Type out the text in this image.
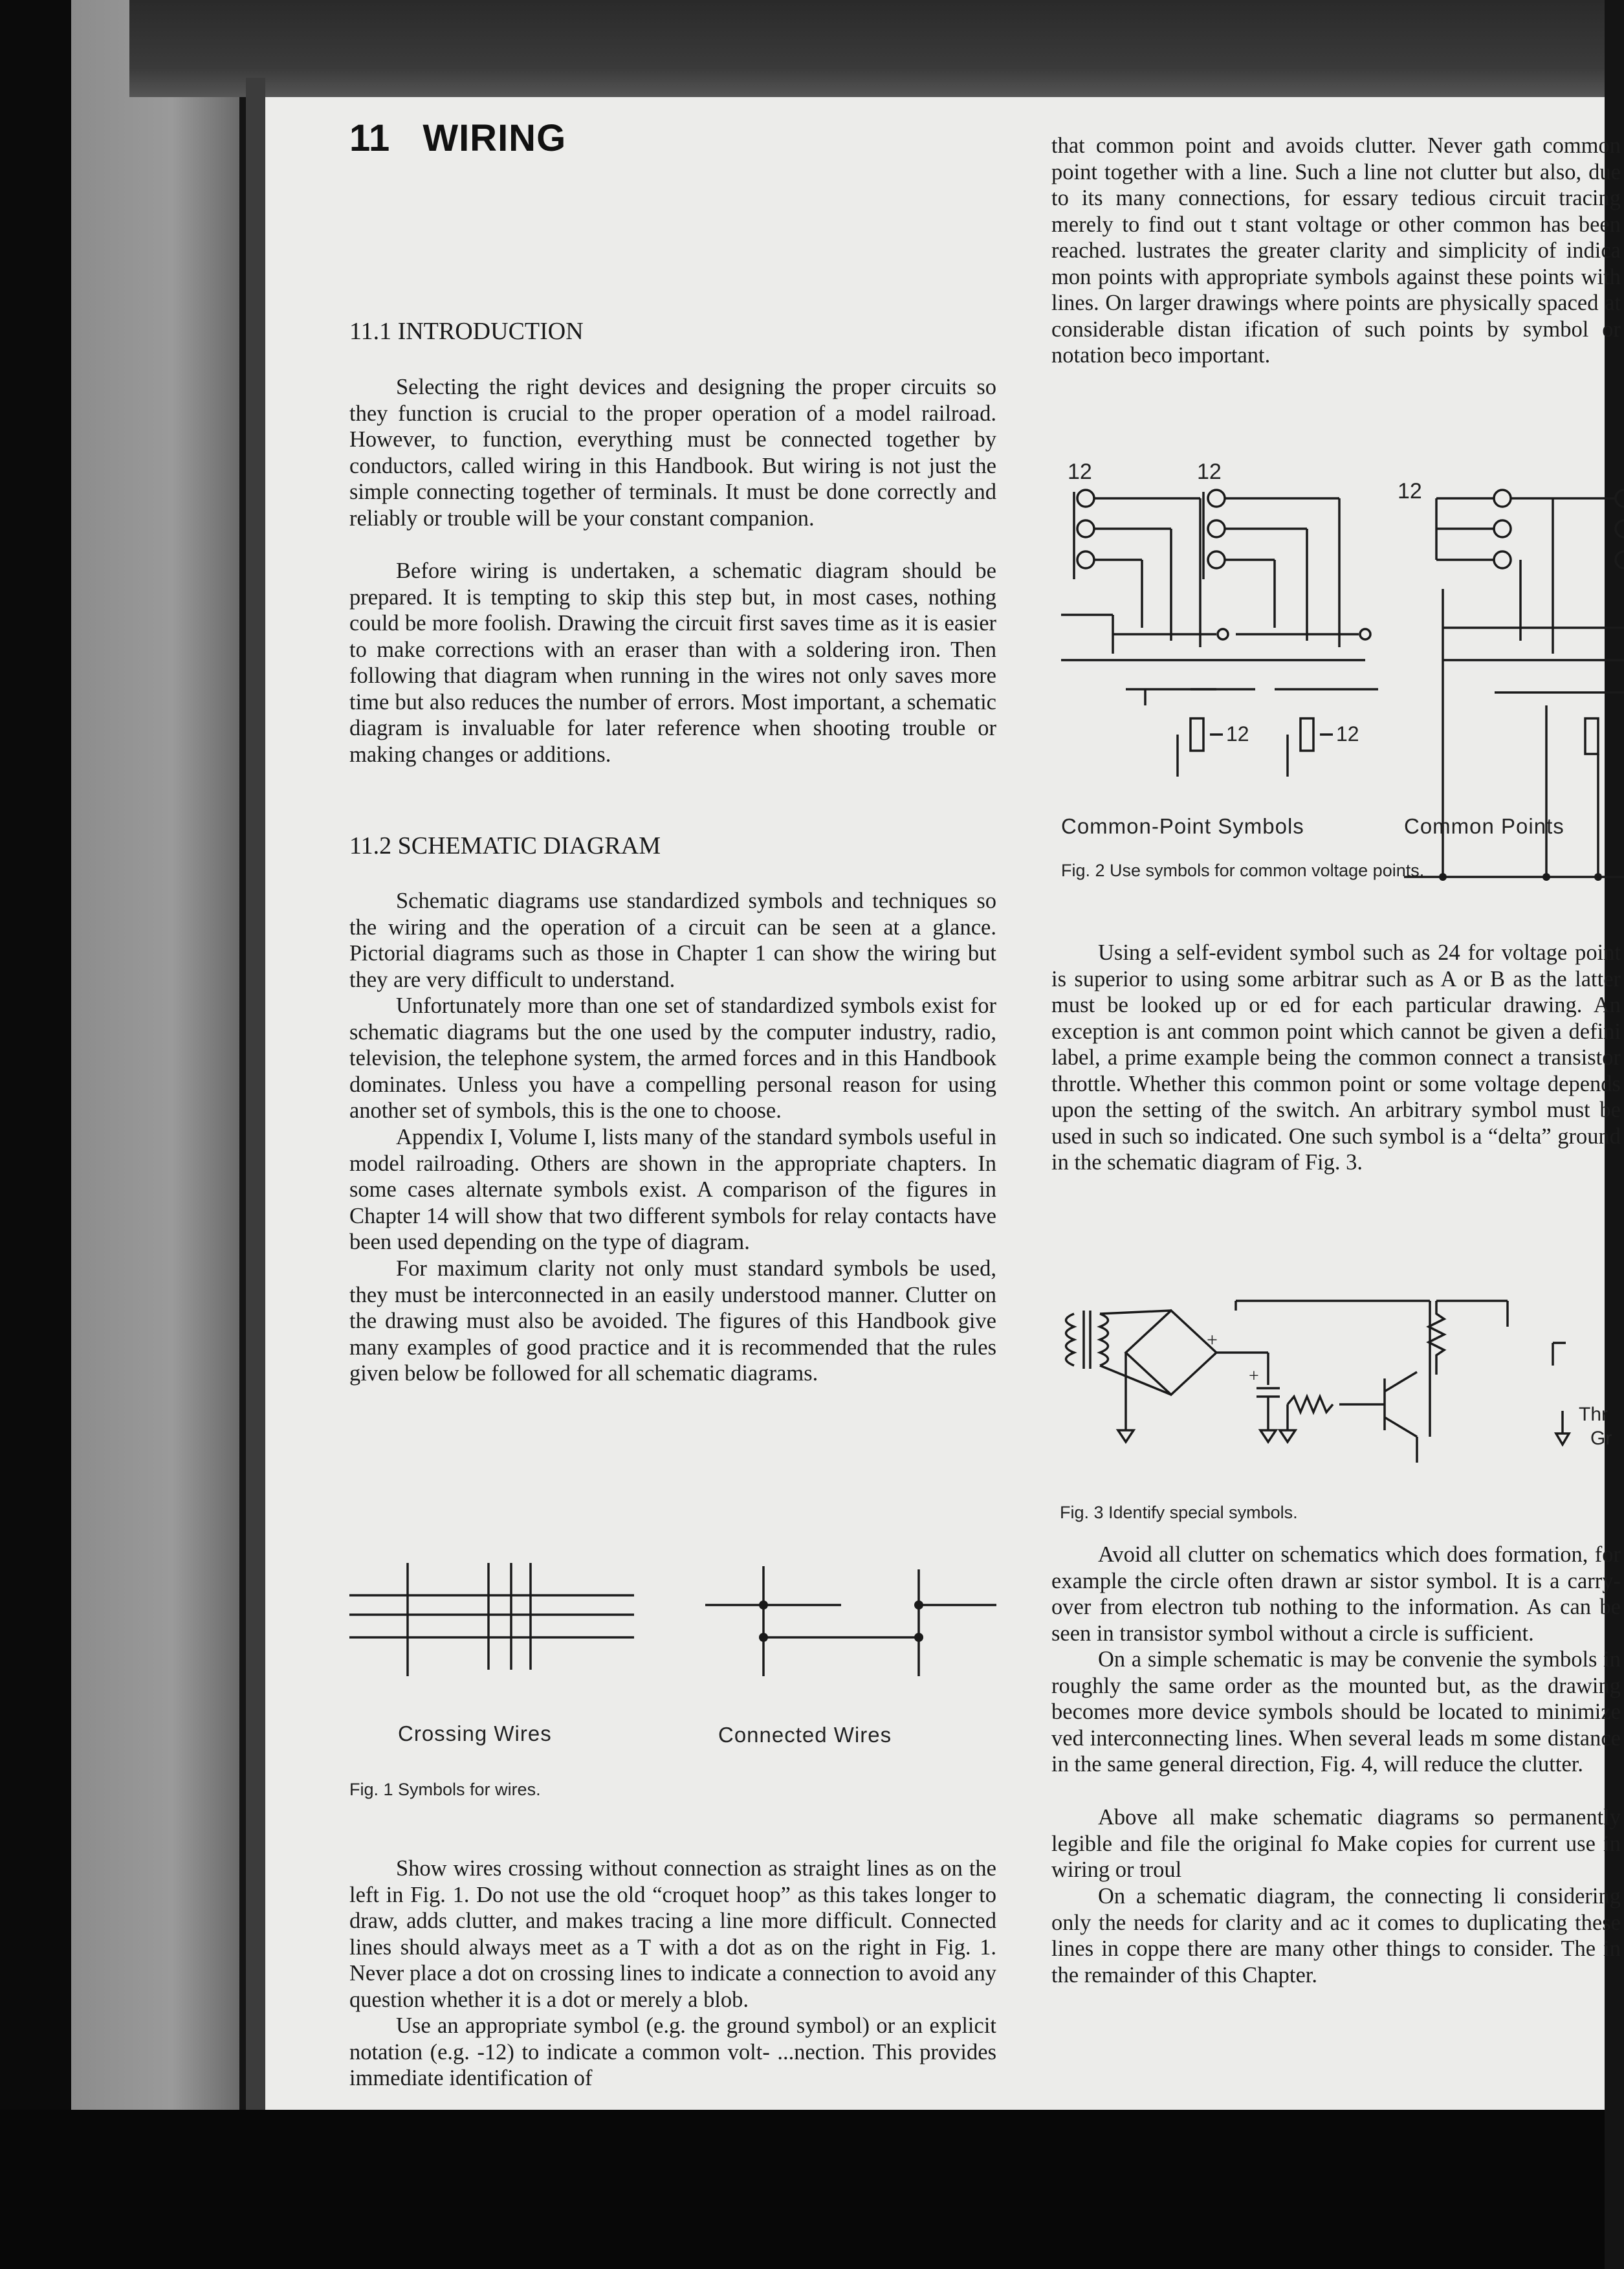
11 WIRING
11.1 INTRODUCTION

Selecting the right devices and designing the proper circuits so they function is crucial to the proper operation of a model railroad. However, to function, everything must be connected together by conductors, called wiring in this Handbook. But wiring is not just the simple connecting together of terminals. It must be done correctly and reliably or trouble will be your constant companion.

Before wiring is undertaken, a schematic diagram should be prepared. It is tempting to skip this step but, in most cases, nothing could be more foolish. Drawing the circuit first saves time as it is easier to make corrections with an eraser than with a soldering iron. Then following that diagram when running in the wires not only saves more time but also reduces the number of errors. Most important, a schematic diagram is invaluable for later reference when shooting trouble or making changes or additions.

11.2 SCHEMATIC DIAGRAM

Schematic diagrams use standardized symbols and techniques so the wiring and the operation of a circuit can be seen at a glance. Pictorial diagrams such as those in Chapter 1 can show the wiring but they are very difficult to understand.

Unfortunately more than one set of standardized symbols exist for schematic diagrams but the one used by the computer industry, radio, television, the telephone system, the armed forces and in this Handbook dominates. Unless you have a compelling personal reason for using another set of symbols, this is the one to choose.

Appendix I, Volume I, lists many of the standard symbols useful in model railroading. Others are shown in the appropriate chapters. In some cases alternate symbols exist. A comparison of the figures in Chapter 14 will show that two different symbols for relay contacts have been used depending on the type of diagram.

For maximum clarity not only must standard symbols be used, they must be interconnected in an easily understood manner. Clutter on the drawing must also be avoided. The figures of this Handbook give many examples of good practice and it is recommended that the rules given below be followed for all schematic diagrams.

Crossing Wires	Connected Wires

Fig. 1 Symbols for wires.

Show wires crossing without connection as straight lines as on the left in Fig. 1. Do not use the old “croquet hoop” as this takes longer to draw, adds clutter, and makes tracing a line more difficult. Connected lines should always meet as a T with a dot as on the right in Fig. 1. Never place a dot on crossing lines to indicate a connection to avoid any question whether it is a dot or merely a blob.

Use an appropriate symbol (e.g. the ground symbol) or an explicit notation (e.g. -12) to indicate a common volt- ...nection. This provides immediate identification of

that common point and avoids clutter. Never gath common point together with a line. Such a line not clutter but also, due to its many connections, for essary tedious circuit tracing merely to find out t stant voltage or other common has been reached. lustrates the greater clarity and simplicity of indica mon points with appropriate symbols against these points with lines. On larger drawings where points are physically spaced at considerable distan ification of such points by symbol or notation beco important.

12
12
12
12
12
Common-Point Symbols	Common Points

Fig. 2 Use symbols for common voltage points.

Using a self-evident symbol such as 24 for voltage point is superior to using some arbitrar such as A or B as the latter must be looked up or ed for each particular drawing. An exception is ant common point which cannot be given a defini label, a prime example being the common connect a transistor throttle. Whether this common point or some voltage depends upon the setting of the switch. An arbitrary symbol must be used in such so indicated. One such symbol is a “delta” ground in the schematic diagram of Fig. 3.

+
+
Thr
Gr

Fig. 3 Identify special symbols.

Avoid all clutter on schematics which does formation, for example the circle often drawn ar sistor symbol. It is a carry-over from electron tub nothing to the information. As can be seen in transistor symbol without a circle is sufficient.

On a simple schematic is may be convenie the symbols in roughly the same order as the mounted but, as the drawing becomes more device symbols should be located to minimize ved interconnecting lines. When several leads m some distance in the same general direction, Fig. 4, will reduce the clutter.

Above all make schematic diagrams so permanently legible and file the original fo Make copies for current use in wiring or troul

On a schematic diagram, the connecting li considering only the needs for clarity and ac it comes to duplicating these lines in coppe there are many other things to consider. The in the remainder of this Chapter.
